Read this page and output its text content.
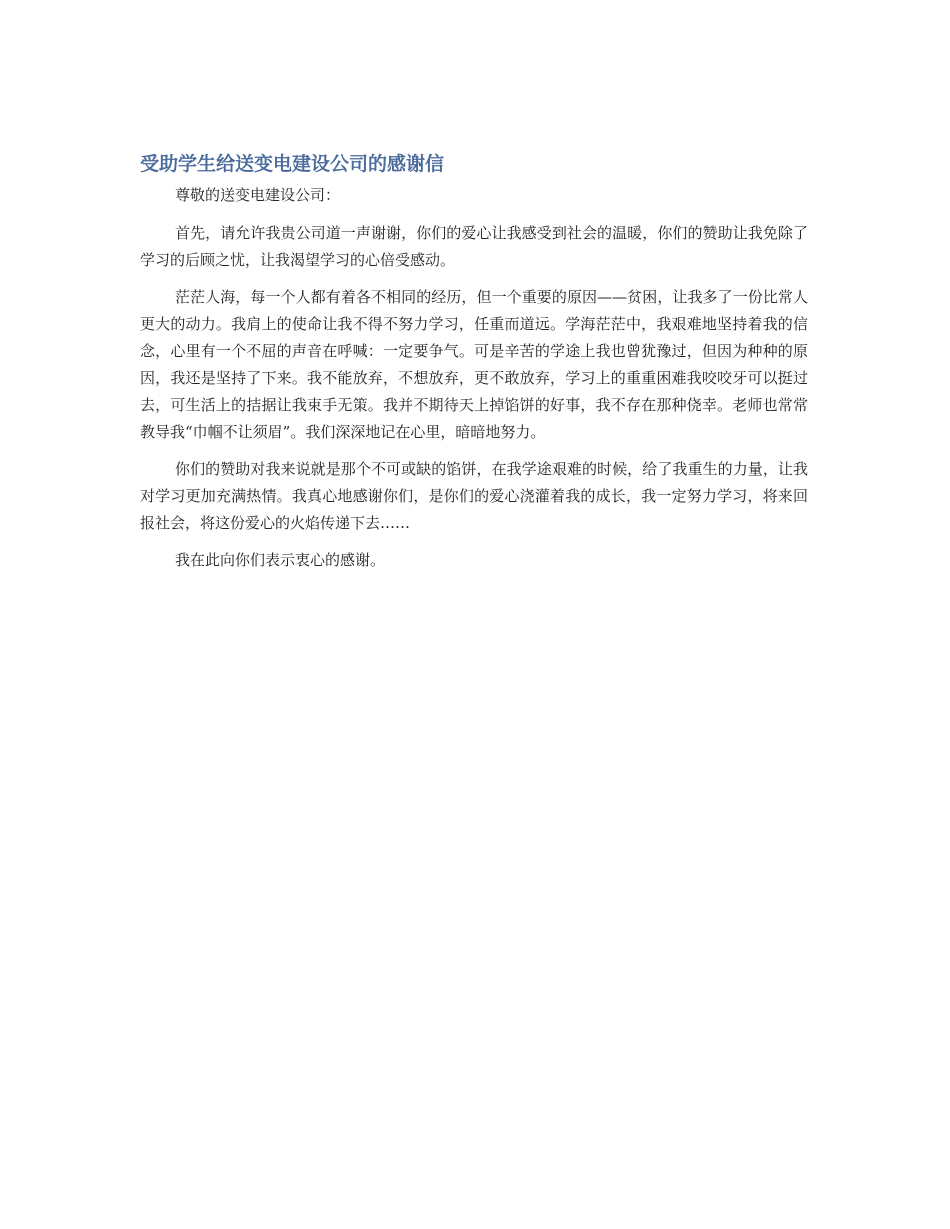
受助学生给送变电建设公司的感谢信

尊敬的送变电建设公司：

首先，请允许我贵公司道一声谢谢，你们的爱心让我感受到社会的温暖，你们的赞助让我免除了学习的后顾之忧，让我渴望学习的心倍受感动。

茫茫人海，每一个人都有着各不相同的经历，但一个重要的原因——贫困，让我多了一份比常人更大的动力。我肩上的使命让我不得不努力学习，任重而道远。学海茫茫中，我艰难地坚持着我的信念，心里有一个不屈的声音在呼喊：一定要争气。可是辛苦的学途上我也曾犹豫过，但因为种种的原因，我还是坚持了下来。我不能放弃，不想放弃，更不敢放弃，学习上的重重困难我咬咬牙可以挺过去，可生活上的拮据让我束手无策。我并不期待天上掉馅饼的好事，我不存在那种侥幸。老师也常常教导我“巾帼不让须眉”。我们深深地记在心里，暗暗地努力。

你们的赞助对我来说就是那个不可或缺的馅饼，在我学途艰难的时候，给了我重生的力量，让我对学习更加充满热情。我真心地感谢你们，是你们的爱心浇灌着我的成长，我一定努力学习，将来回报社会，将这份爱心的火焰传递下去……

我在此向你们表示衷心的感谢。
